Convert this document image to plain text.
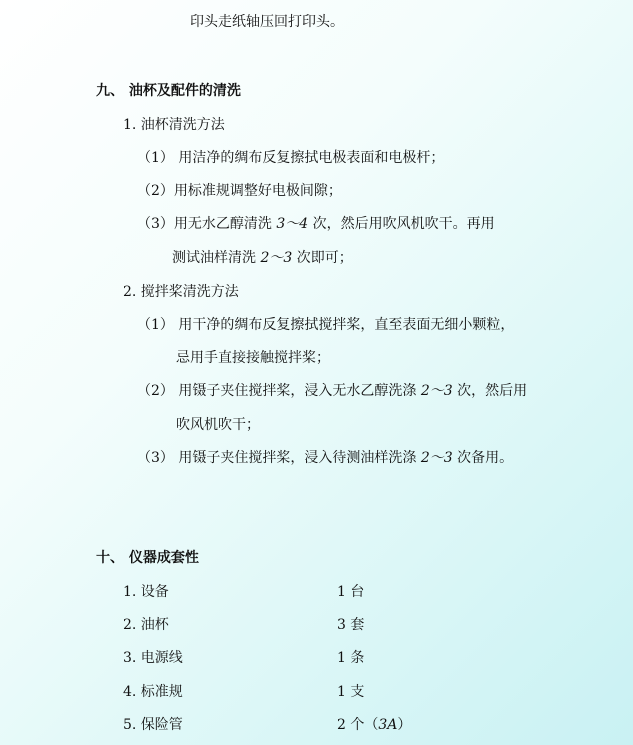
印头走纸轴压回打印头。
九、 油杯及配件的清洗
1. 油杯清洗方法
（1） 用洁净的绸布反复擦拭电极表面和电极杆；
（2）用标准规调整好电极间隙；
（3）用无水乙醇清洗 3～4 次，然后用吹风机吹干。再用
测试油样清洗 2～3 次即可；
2. 搅拌桨清洗方法
（1） 用干净的绸布反复擦拭搅拌桨，直至表面无细小颗粒，
忌用手直接接触搅拌桨；
（2） 用镊子夹住搅拌桨，浸入无水乙醇洗涤 2～3 次，然后用
吹风机吹干；
（3） 用镊子夹住搅拌桨，浸入待测油样洗涤 2～3 次备用。
十、 仪器成套性
1. 设备	1 台
2. 油杯	3 套
3. 电源线	1 条
4. 标准规	1 支
5. 保险管	2 个（3A）
